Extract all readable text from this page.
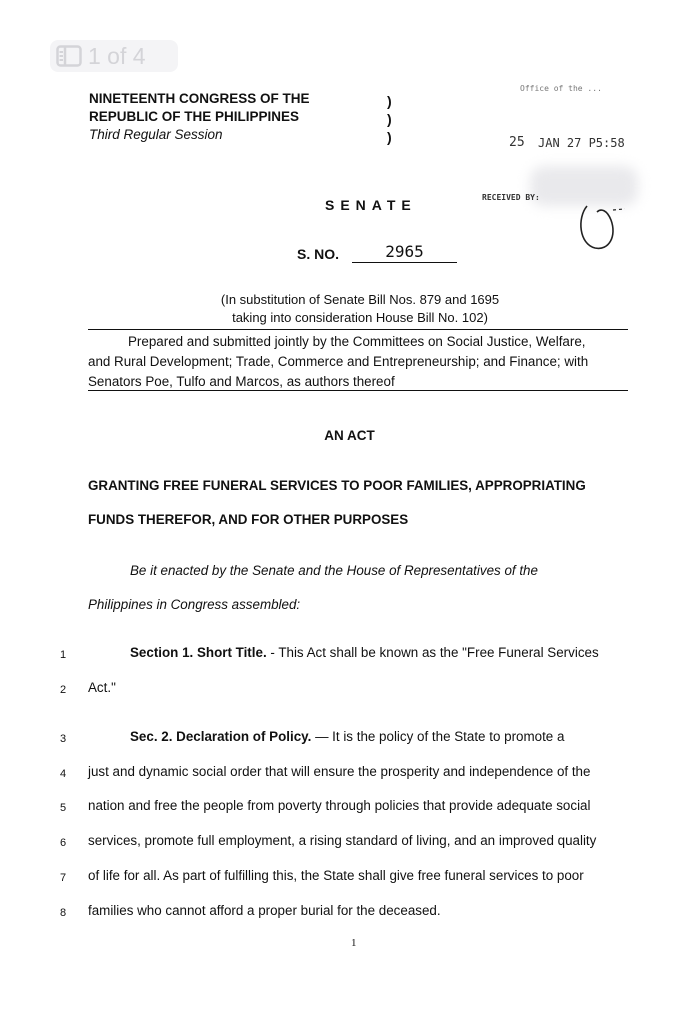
1 of 4
NINETEENTH CONGRESS OF THE
REPUBLIC OF THE PHILIPPINES
Third Regular Session
)
)
)
Office of the ...
25 JAN 27 P5:58
RECEIVED BY:
SENATE
S. NO.	2965
(In substitution of Senate Bill Nos. 879 and 1695
taking into consideration House Bill No. 102)

Prepared and submitted jointly by the Committees on Social Justice, Welfare,

and Rural Development; Trade, Commerce and Entrepreneurship; and Finance; with

Senators Poe, Tulfo and Marcos, as authors thereof

AN ACT
GRANTING FREE FUNERAL SERVICES TO POOR FAMILIES, APPROPRIATING
FUNDS THEREFOR, AND FOR OTHER PURPOSES
Be it enacted by the Senate and the House of Representatives of the
Philippines in Congress assembled:
1	Section 1. Short Title. - This Act shall be known as the "Free Funeral Services
2 Act."
3	Sec. 2. Declaration of Policy. — It is the policy of the State to promote a
4 just and dynamic social order that will ensure the prosperity and independence of the
5 nation and free the people from poverty through policies that provide adequate social
6 services, promote full employment, a rising standard of living, and an improved quality
7 of life for all. As part of fulfilling this, the State shall give free funeral services to poor
8 families who cannot afford a proper burial for the deceased.
1
